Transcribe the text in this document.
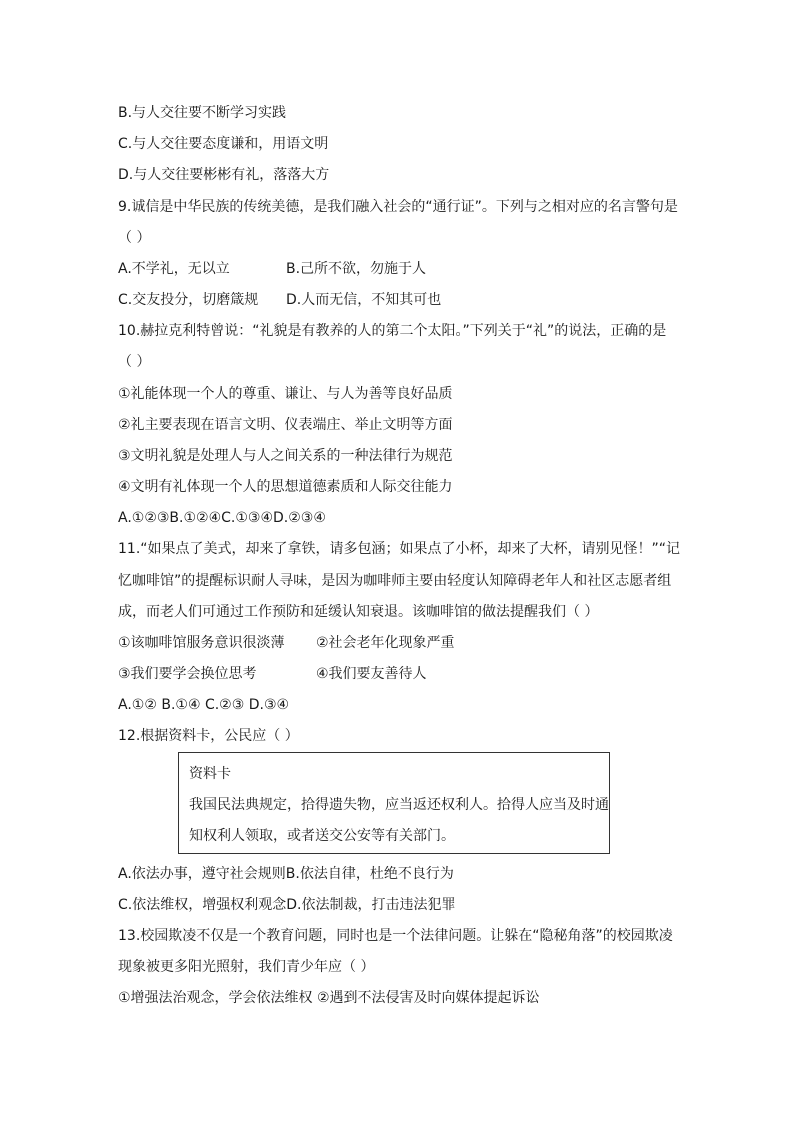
B.与人交往要不断学习实践
C.与人交往要态度谦和，用语文明
D.与人交往要彬彬有礼，落落大方
9.诚信是中华民族的传统美德，是我们融入社会的“通行证”。下列与之相对应的名言警句是
（ ）
A.不学礼，无以立	B.己所不欲，勿施于人
C.交友投分，切磨箴规 D.人而无信，不知其可也
10.赫拉克利特曾说：“礼貌是有教养的人的第二个太阳。”下列关于“礼”的说法，正确的是
（ ）
①礼能体现一个人的尊重、谦让、与人为善等良好品质
②礼主要表现在语言文明、仪表端庄、举止文明等方面
③文明礼貌是处理人与人之间关系的一种法律行为规范
④文明有礼体现一个人的思想道德素质和人际交往能力
A.①②③B.①②④C.①③④D.②③④
11.“如果点了美式，却来了拿铁，请多包涵；如果点了小杯，却来了大杯，请别见怪！”“记
忆咖啡馆”的提醒标识耐人寻味，是因为咖啡师主要由轻度认知障碍老年人和社区志愿者组
成，而老人们可通过工作预防和延缓认知衰退。该咖啡馆的做法提醒我们（ ）
①该咖啡馆服务意识很淡薄 ②社会老年化现象严重
③我们要学会换位思考	④我们要友善待人
A.①② B.①④ C.②③ D.③④
12.根据资料卡，公民应（ ）
资料卡
我国民法典规定，拾得遗失物，应当返还权利人。拾得人应当及时通
知权利人领取，或者送交公安等有关部门。
A.依法办事，遵守社会规则B.依法自律，杜绝不良行为
C.依法维权，增强权利观念D.依法制裁，打击违法犯罪
13.校园欺凌不仅是一个教育问题，同时也是一个法律问题。让躲在“隐秘角落”的校园欺凌
现象被更多阳光照射，我们青少年应（ ）
①增强法治观念，学会依法维权 ②遇到不法侵害及时向媒体提起诉讼
